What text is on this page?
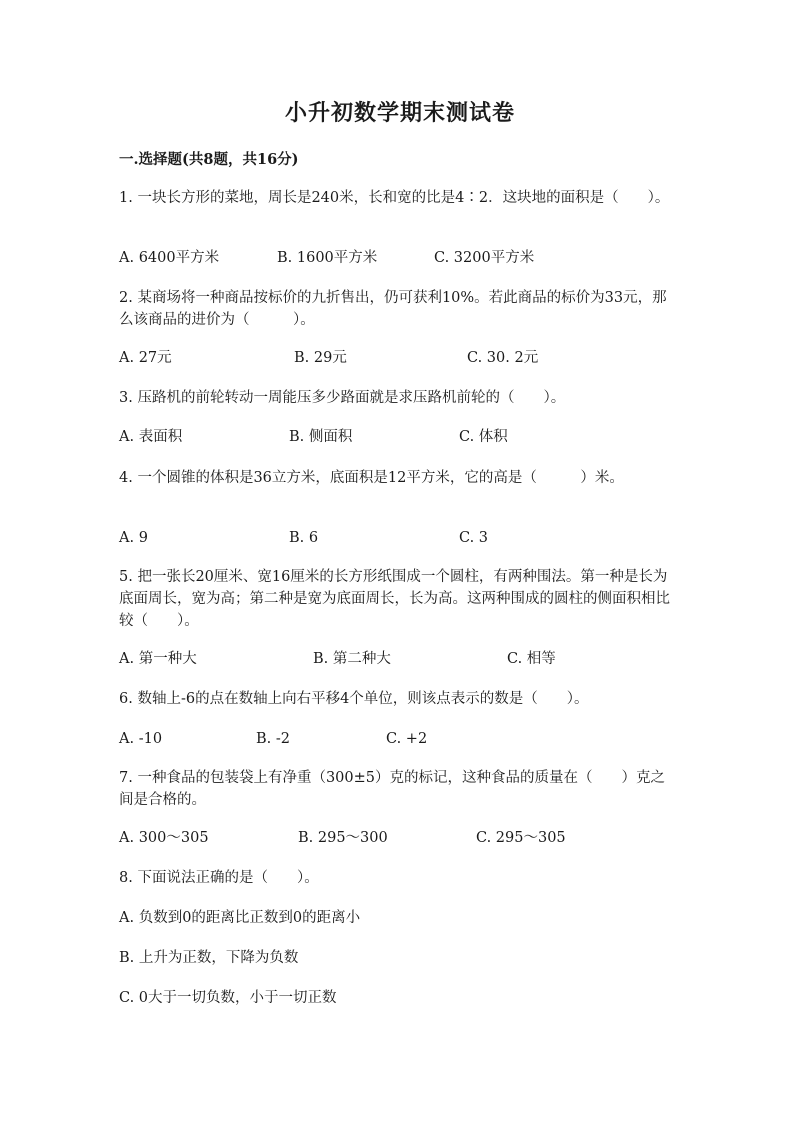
小升初数学期末测试卷
一.选择题(共8题，共16分)
1. 一块长方形的菜地，周长是240米，长和宽的比是4∶2．这块地的面积是（　　）。
A. 6400平方米	B. 1600平方米	C. 3200平方米
2. 某商场将一种商品按标价的九折售出，仍可获利10%。若此商品的标价为33元，那么该商品的进价为（　　　）。
A. 27元	B. 29元	C. 30. 2元
3. 压路机的前轮转动一周能压多少路面就是求压路机前轮的（　　）。
A. 表面积	B. 侧面积	C. 体积
4. 一个圆锥的体积是36立方米，底面积是12平方米，它的高是（　　　）米。
A. 9	B. 6	C. 3
5. 把一张长20厘米、宽16厘米的长方形纸围成一个圆柱，有两种围法。第一种是长为底面周长，宽为高；第二种是宽为底面周长，长为高。这两种围成的圆柱的侧面积相比较（　　）。
A. 第一种大	B. 第二种大	C. 相等
6. 数轴上-6的点在数轴上向右平移4个单位，则该点表示的数是（　　）。
A. -10	B. -2	C. +2
7. 一种食品的包装袋上有净重（300±5）克的标记，这种食品的质量在（　　）克之间是合格的。
A. 300～305	B. 295～300	C. 295～305
8. 下面说法正确的是（　　）。
A. 负数到0的距离比正数到0的距离小
B. 上升为正数，下降为负数
C. 0大于一切负数，小于一切正数
